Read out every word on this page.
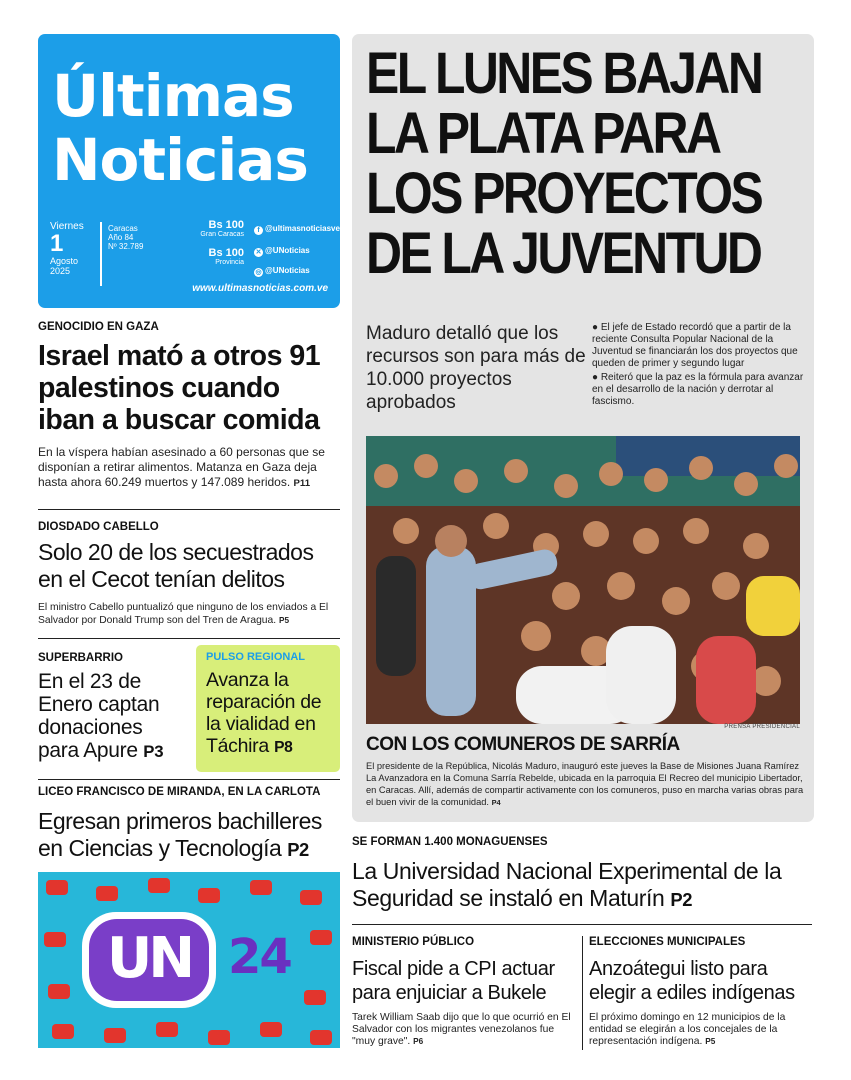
Últimas
Noticias
Viernes
1
Agosto
2025
Caracas
Año 84
Nº 32.789
Bs 100
Gran Caracas
Bs 100
Provincia
f @ultimasnoticiasve
✕ @UNoticias
◎ @UNoticias
www.ultimasnoticias.com.ve
EL LUNES BAJAN
LA PLATA PARA
LOS PROYECTOS
DE LA JUVENTUD
Maduro detalló que los recursos son para más de 10.000 proyectos aprobados

● El jefe de Estado recordó que a partir de la reciente Consulta Popular Nacional de la Juventud se financiarán los dos proyectos que queden de primer y segundo lugar

● Reiteró que la paz es la fórmula para avanzar en el desarrollo de la nación y derrotar al fascismo.

PRENSA PRESIDENCIAL
CON LOS COMUNEROS DE SARRÍA
El presidente de la República, Nicolás Maduro, inauguró este jueves la Base de Misiones Juana Ramírez La Avanzadora en la Comuna Sarría Rebelde, ubicada en la parroquia El Recreo del municipio Libertador, en Caracas. Allí, además de compartir activamente con los comuneros, puso en marcha varias obras para el buen vivir de la comunidad. P4
GENOCIDIO EN GAZA
Israel mató a otros 91 palestinos cuando iban a buscar comida
En la víspera habían asesinado a 60 personas que se disponían a retirar alimentos. Matanza en Gaza deja hasta ahora 60.249 muertos y 147.089 heridos. P11
DIOSDADO CABELLO
Solo 20 de los secuestrados en el Cecot tenían delitos
El ministro Cabello puntualizó que ninguno de los enviados a El Salvador por Donald Trump son del Tren de Aragua. P5
SUPERBARRIO
En el 23 de Enero captan donaciones para Apure P3
PULSO REGIONAL
Avanza la reparación de la vialidad en Táchira P8
LICEO FRANCISCO DE MIRANDA, EN LA CARLOTA
Egresan primeros bachilleres en Ciencias y Tecnología P2
UN 24
SE FORMAN 1.400 MONAGUENSES
La Universidad Nacional Experimental de la Seguridad se instaló en Maturín P2
MINISTERIO PÚBLICO
Fiscal pide a CPI actuar para enjuiciar a Bukele
Tarek William Saab dijo que lo que ocurrió en El Salvador con los migrantes venezolanos fue "muy grave". P6
ELECCIONES MUNICIPALES
Anzoátegui listo para elegir a ediles indígenas
El próximo domingo en 12 municipios de la entidad se elegirán a los concejales de la representación indígena. P5
